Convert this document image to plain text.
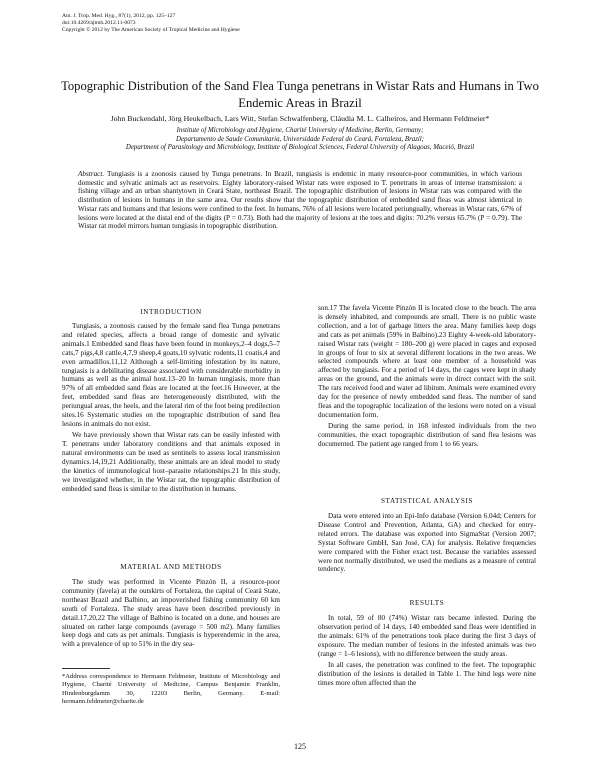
Am. J. Trop. Med. Hyg., 87(1), 2012, pp. 125–127
doi:10.4269/ajtmh.2012.11-0073
Copyright © 2012 by The American Society of Tropical Medicine and Hygiene
Topographic Distribution of the Sand Flea Tunga penetrans in Wistar Rats and Humans in Two Endemic Areas in Brazil
John Buckendahl, Jörg Heukelbach, Lars Witt, Stefan Schwalfenberg, Cláudia M. L. Calheiros, and Hermann Feldmeier*
Institute of Microbiology and Hygiene, Charité University of Medicine, Berlin, Germany;
Departamento de Saude Comunitaria, Universidade Federal do Ceará, Fortaleza, Brazil;
Department of Parasitology and Microbiology, Institute of Biological Sciences, Federal University of Alagoas, Maceió, Brazil
Abstract. Tungiasis is a zoonosis caused by Tunga penetrans. In Brazil, tungiasis is endemic in many resource-poor communities, in which various domestic and sylvatic animals act as reservoirs. Eighty laboratory-raised Wistar rats were exposed to T. penetrans in areas of intense transmission: a fishing village and an urban shantytown in Ceará State, northeast Brazil. The topographic distribution of lesions in Wistar rats was compared with the distribution of lesions in humans in the same area. Our results show that the topographic distribution of embedded sand fleas was almost identical in Wistar rats and humans and that lesions were confined to the feet. In humans, 76% of all lesions were located periungually, whereas in Wistar rats, 67% of lesions were located at the distal end of the digits (P = 0.73). Both had the majority of lesions at the toes and digits: 70.2% versus 65.7% (P = 0.79). The Wistar rat model mirrors human tungiasis in topographic distribution.
INTRODUCTION

Tungiasis, a zoonosis caused by the female sand flea Tunga penetrans and related species, affects a broad range of domestic and sylvatic animals.1 Embedded sand fleas have been found in monkeys,2–4 dogs,5–7 cats,7 pigs,4,8 cattle,4,7,9 sheep,4 goats,10 sylvatic rodents,11 coatis,4 and even armadillos.11,12 Although a self-limiting infestation by its nature, tungiasis is a debilitating disease associated with considerable morbidity in humans as well as the animal host.13–20 In human tungiasis, more than 97% of all embedded sand fleas are located at the feet.16 However, at the feet, embedded sand fleas are heterogeneously distributed, with the periungual areas, the heels, and the lateral rim of the foot being predilection sites.16 Systematic studies on the topographic distribution of sand flea lesions in animals do not exist.

We have previously shown that Wistar rats can be easily infested with T. penetrans under laboratory conditions and that animals exposed in natural environments can be used as sentinels to assess local transmission dynamics.14,19,21 Additionally, these animals are an ideal model to study the kinetics of immunological host–parasite relationships.21 In this study, we investigated whether, in the Wistar rat, the topographic distribution of embedded sand fleas is similar to the distribution in humans.

MATERIAL AND METHODS

The study was performed in Vicente Pinzón II, a resource-poor community (favela) at the outskirts of Fortaleza, the capital of Ceará State, northeast Brazil and Balbino, an impoverished fishing community 60 km south of Fortaleza. The study areas have been described previously in detail.17,20,22 The village of Balbino is located on a dune, and houses are situated on rather large compounds (average = 500 m2). Many families keep dogs and cats as pet animals. Tungiasis is hyperendemic in the area, with a prevalence of up to 51% in the dry sea-

*Address correspondence to Hermann Feldmeier, Institute of Microbiology and Hygiene, Charité University of Medicine, Campus Benjamin Franklin, Hindenburgdamm 30, 12203 Berlin, Germany. E-mail: hermann.feldmeier@charite.de

son.17 The favela Vicente Pinzón II is located close to the beach. The area is densely inhabited, and compounds are small. There is no public waste collection, and a lot of garbage litters the area. Many families keep dogs and cats as pet animals (59% in Balbino).23 Eighty 4-week-old laboratory-raised Wistar rats (weight = 180–200 g) were placed in cages and exposed in groups of four to six at several different locations in the two areas. We selected compounds where at least one member of a household was affected by tungiasis. For a period of 14 days, the cages were kept in shady areas on the ground, and the animals were in direct contact with the soil. The rats received food and water ad libitum. Animals were examined every day for the presence of newly embedded sand fleas. The number of sand fleas and the topographic localization of the lesions were noted on a visual documentation form.

During the same period, in 168 infested individuals from the two communities, the exact topographic distribution of sand flea lesions was documented. The patient age ranged from 1 to 66 years.

STATISTICAL ANALYSIS

Data were entered into an Epi-Info database (Version 6.04d; Centers for Disease Control and Prevention, Atlanta, GA) and checked for entry-related errors. The database was exported into SigmaStat (Version 2007; Systat Software GmbH, San José, CA) for analysis. Relative frequencies were compared with the Fisher exact test. Because the variables assessed were not normally distributed, we used the medians as a measure of central tendency.

RESULTS

In total, 59 of 80 (74%) Wistar rats became infested. During the observation period of 14 days, 140 embedded sand fleas were identified in the animals: 61% of the penetrations took place during the first 3 days of exposure. The median number of lesions in the infested animals was two (range = 1–6 lesions), with no difference between the study areas.

In all cases, the penetration was confined to the feet. The topographic distribution of the lesions is detailed in Table 1. The hind legs were nine times more often affected than the

125
